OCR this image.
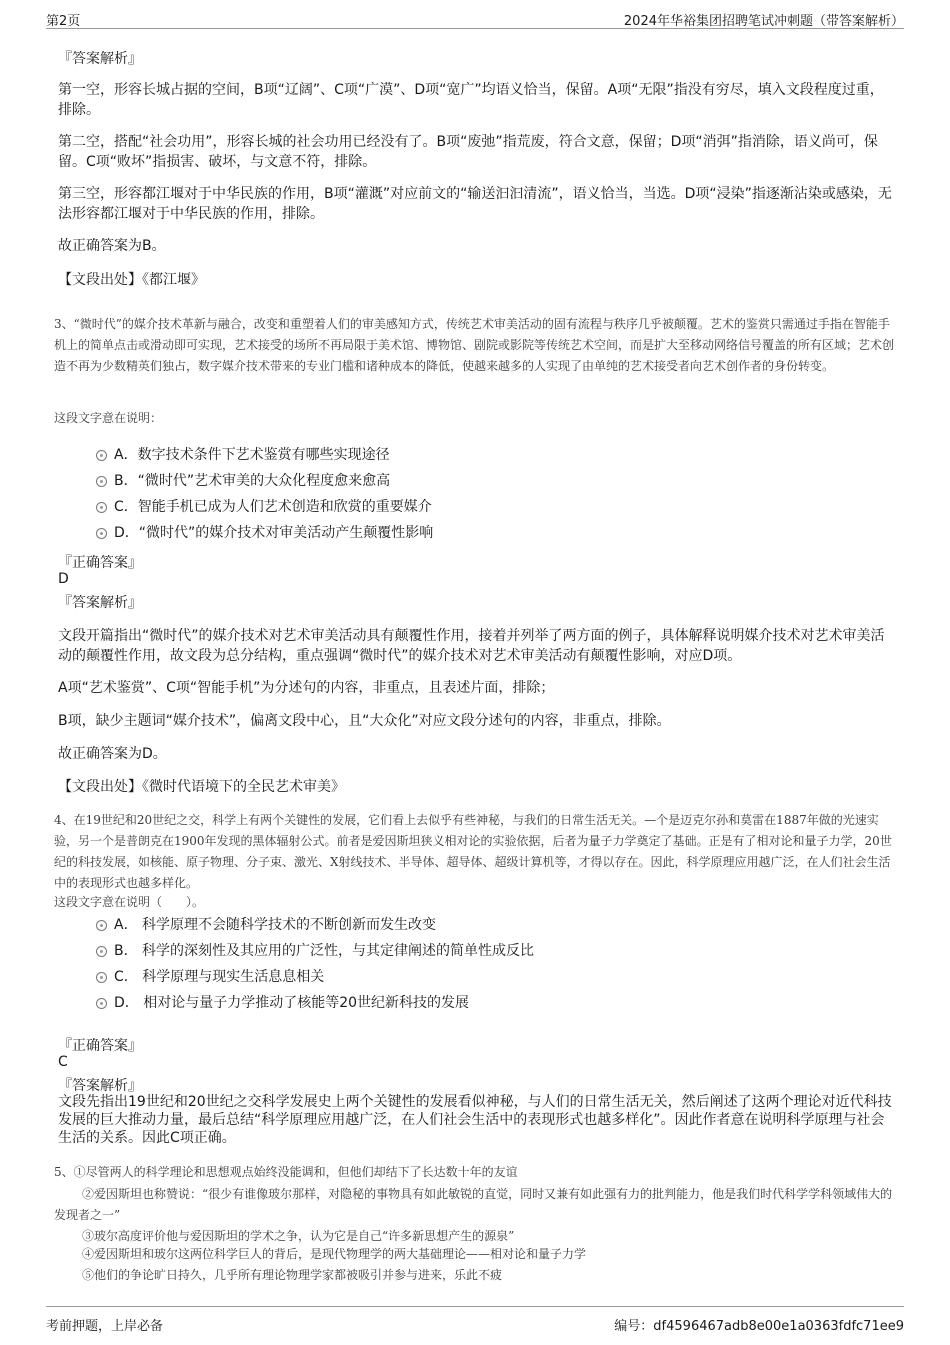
第2页	2024年华裕集团招聘笔试冲刺题（带答案解析）
『答案解析』
第一空，形容长城占据的空间，B项“辽阔”、C项“广漠”、D项“宽广”均语义恰当，保留。A项“无限”指没有穷尽，填入文段程度过重，排除。
第二空，搭配“社会功用”，形容长城的社会功用已经没有了。B项“废弛”指荒废，符合文意，保留；D项“消弭”指消除，语义尚可，保留。C项“败坏”指损害、破坏，与文意不符，排除。
第三空，形容都江堰对于中华民族的作用，B项“灌溉”对应前文的“输送汩汩清流”，语义恰当，当选。D项“浸染”指逐渐沾染或感染，无法形容都江堰对于中华民族的作用，排除。
故正确答案为B。
【文段出处】《都江堰》
3、“微时代”的媒介技术革新与融合，改变和重塑着人们的审美感知方式，传统艺术审美活动的固有流程与秩序几乎被颠覆。艺术的鉴赏只需通过手指在智能手机上的简单点击或滑动即可实现，艺术接受的场所不再局限于美术馆、博物馆、剧院或影院等传统艺术空间，而是扩大至移动网络信号覆盖的所有区域；艺术创造不再为少数精英们独占，数字媒介技术带来的专业门槛和诸种成本的降低，使越来越多的人实现了由单纯的艺术接受者向艺术创作者的身份转变。
这段文字意在说明：
A．数字技术条件下艺术鉴赏有哪些实现途径
B．“微时代”艺术审美的大众化程度愈来愈高
C．智能手机已成为人们艺术创造和欣赏的重要媒介
D．“微时代”的媒介技术对审美活动产生颠覆性影响
『正确答案』
D
『答案解析』
文段开篇指出“微时代”的媒介技术对艺术审美活动具有颠覆性作用，接着并列举了两方面的例子，具体解释说明媒介技术对艺术审美活动的颠覆性作用，故文段为总分结构，重点强调“微时代”的媒介技术对艺术审美活动有颠覆性影响，对应D项。
A项“艺术鉴赏”、C项“智能手机”为分述句的内容，非重点，且表述片面，排除；
B项，缺少主题词“媒介技术”，偏离文段中心，且“大众化”对应文段分述句的内容，非重点，排除。
故正确答案为D。
【文段出处】《微时代语境下的全民艺术审美》
4、在19世纪和20世纪之交，科学上有两个关键性的发展，它们看上去似乎有些神秘，与我们的日常生活无关。—个是迈克尔孙和莫雷在1887年做的光速实验，另一个是普朗克在1900年发现的黑体辐射公式。前者是爱因斯坦狭义相对论的实验依据，后者为量子力学奠定了基础。正是有了相对论和量子力学，20世纪的科技发展，如核能、原子物理、分子束、激光、X射线技术、半导体、超导体、超级计算机等，才得以存在。因此，科学原理应用越广泛，在人们社会生活中的表现形式也越多样化。
这段文字意在说明（　　）。
A． 科学原理不会随科学技术的不断创新而发生改变
B． 科学的深刻性及其应用的广泛性，与其定律阐述的简单性成反比
C． 科学原理与现实生活息息相关
D． 相对论与量子力学推动了核能等20世纪新科技的发展
『正确答案』
C
『答案解析』
文段先指出19世纪和20世纪之交科学发展史上两个关键性的发展看似神秘，与人们的日常生活无关，然后阐述了这两个理论对近代科技发展的巨大推动力量，最后总结“科学原理应用越广泛，在人们社会生活中的表现形式也越多样化”。因此作者意在说明科学原理与社会生活的关系。因此C项正确。
5、①尽管两人的科学理论和思想观点始终没能调和，但他们却结下了长达数十年的友谊
②爱因斯坦也称赞说：“很少有谁像玻尔那样，对隐秘的事物具有如此敏锐的直觉，同时又兼有如此强有力的批判能力，他是我们时代科学学科领域伟大的发现者之一”
③玻尔高度评价他与爱因斯坦的学术之争，认为它是自己“许多新思想产生的源泉”
④爱因斯坦和玻尔这两位科学巨人的背后，是现代物理学的两大基础理论——相对论和量子力学
⑤他们的争论旷日持久，几乎所有理论物理学家都被吸引并参与进来，乐此不疲
考前押题，上岸必备	编号：df4596467adb8e00e1a0363fdfc71ee9
